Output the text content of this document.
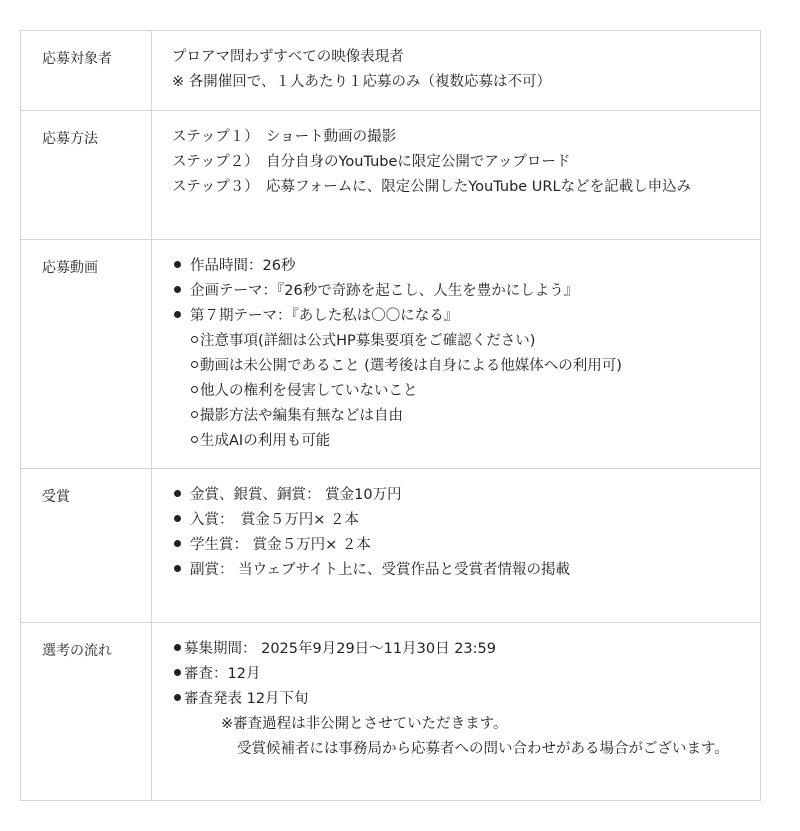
応募対象者	プロアマ問わずすべての映像表現者
※ 各開催回で、１人あたり１応募のみ（複数応募は不可）
応募方法	ステップ１）　ショート動画の撮影
ステップ２）　自分自身のYouTubeに限定公開でアップロード
ステップ３）　応募フォームに、限定公開したYouTube URLなどを記載し申込み
応募動画	作品時間：26秒
企画テーマ：『26秒で奇跡を起こし、人生を豊かにしよう』
第７期テーマ：『あした私は〇〇になる』
注意事項(詳細は公式HP募集要項をご確認ください)
動画は未公開であること (選考後は自身による他媒体への利用可)
他人の権利を侵害していないこと
撮影方法や編集有無などは自由
生成AIの利用も可能
受賞	金賞、銀賞、銅賞： 賞金10万円
入賞：　賞金５万円× ２本
学生賞： 賞金５万円× ２本
副賞： 当ウェブサイト上に、受賞作品と受賞者情報の掲載
選考の流れ	募集期間： 2025年9月29日〜11月30日 23:59
審査：12月
審査発表 12月下旬
※審査過程は非公開とさせていただきます。
受賞候補者には事務局から応募者への問い合わせがある場合がございます。
